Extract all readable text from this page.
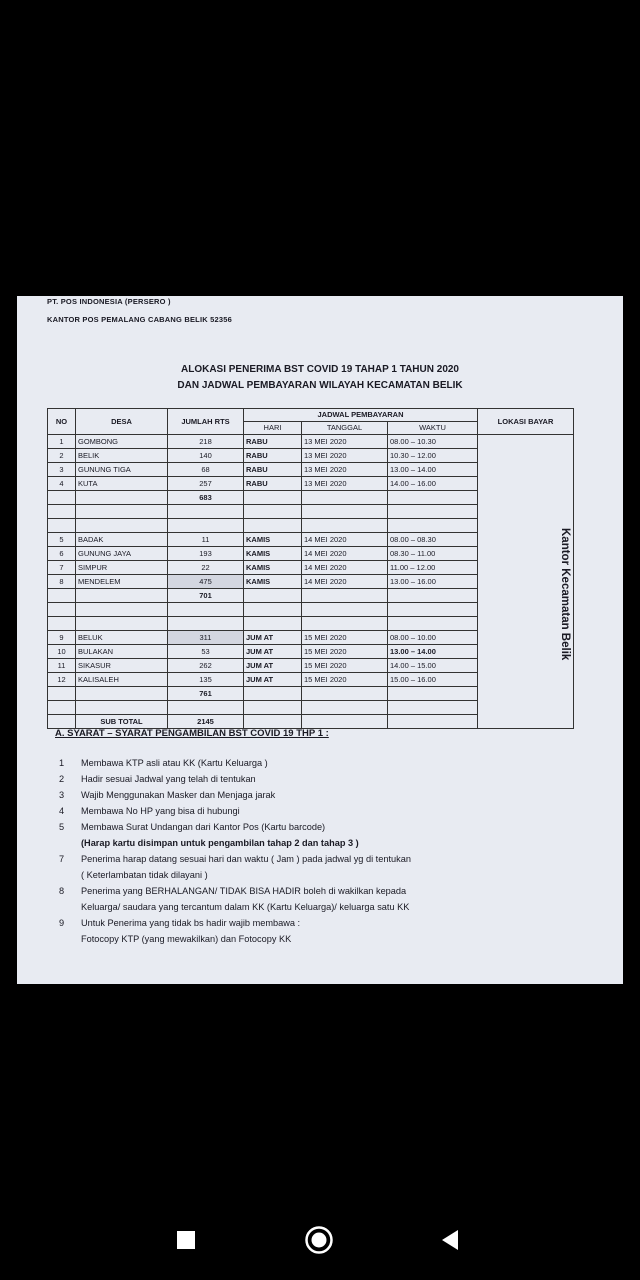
PT. POS INDONESIA (PERSERO )
KANTOR POS PEMALANG CABANG BELIK 52356
ALOKASI PENERIMA BST COVID 19 TAHAP 1 TAHUN 2020
DAN JADWAL PEMBAYARAN WILAYAH KECAMATAN BELIK
NO	DESA	JUMLAH RTS	JADWAL PEMBAYARAN			LOKASI BAYAR
			HARI	TANGGAL	WAKTU	
1	GOMBONG	218	RABU	13 MEI 2020	08.00 – 10.30	Kantor Kecamatan Belik
2	BELIK	140	RABU	13 MEI 2020	10.30 – 12.00	
3	GUNUNG TIGA	68	RABU	13 MEI 2020	13.00 – 14.00	
4	KUTA	257	RABU	13 MEI 2020	14.00 – 16.00	
		683				

5	BADAK	11	KAMIS	14 MEI 2020	08.00 – 08.30	
6	GUNUNG JAYA	193	KAMIS	14 MEI 2020	08.30 – 11.00	
7	SIMPUR	22	KAMIS	14 MEI 2020	11.00 – 12.00	
8	MENDELEM	475	KAMIS	14 MEI 2020	13.00 – 16.00	
		701				

9	BELUK	311	JUM AT	15 MEI 2020	08.00 – 10.00	
10	BULAKAN	53	JUM AT	15 MEI 2020	13.00 – 14.00	
11	SIKASUR	262	JUM AT	15 MEI 2020	14.00 – 15.00	
12	KALISALEH	135	JUM AT	15 MEI 2020	15.00 – 16.00	
		761				

	SUB TOTAL	2145				
A. SYARAT – SYARAT PENGAMBILAN BST COVID 19 THP 1 :
1 Membawa KTP asli atau KK (Kartu Keluarga )
2 Hadir sesuai Jadwal yang telah di tentukan
3 Wajib Menggunakan Masker dan Menjaga jarak
4 Membawa No HP yang bisa di hubungi
5 Membawa Surat Undangan dari Kantor Pos (Kartu barcode)
(Harap kartu disimpan untuk pengambilan tahap 2 dan tahap 3 )
7 Penerima harap datang sesuai hari dan waktu ( Jam ) pada jadwal yg di tentukan
( Keterlambatan tidak dilayani )
8 Penerima yang BERHALANGAN/ TIDAK BISA HADIR boleh di wakilkan kepada
Keluarga/ saudara yang tercantum dalam KK (Kartu Keluarga)/ keluarga satu KK
9 Untuk Penerima yang tidak bs hadir wajib membawa :
Fotocopy KTP (yang mewakilkan) dan Fotocopy KK
